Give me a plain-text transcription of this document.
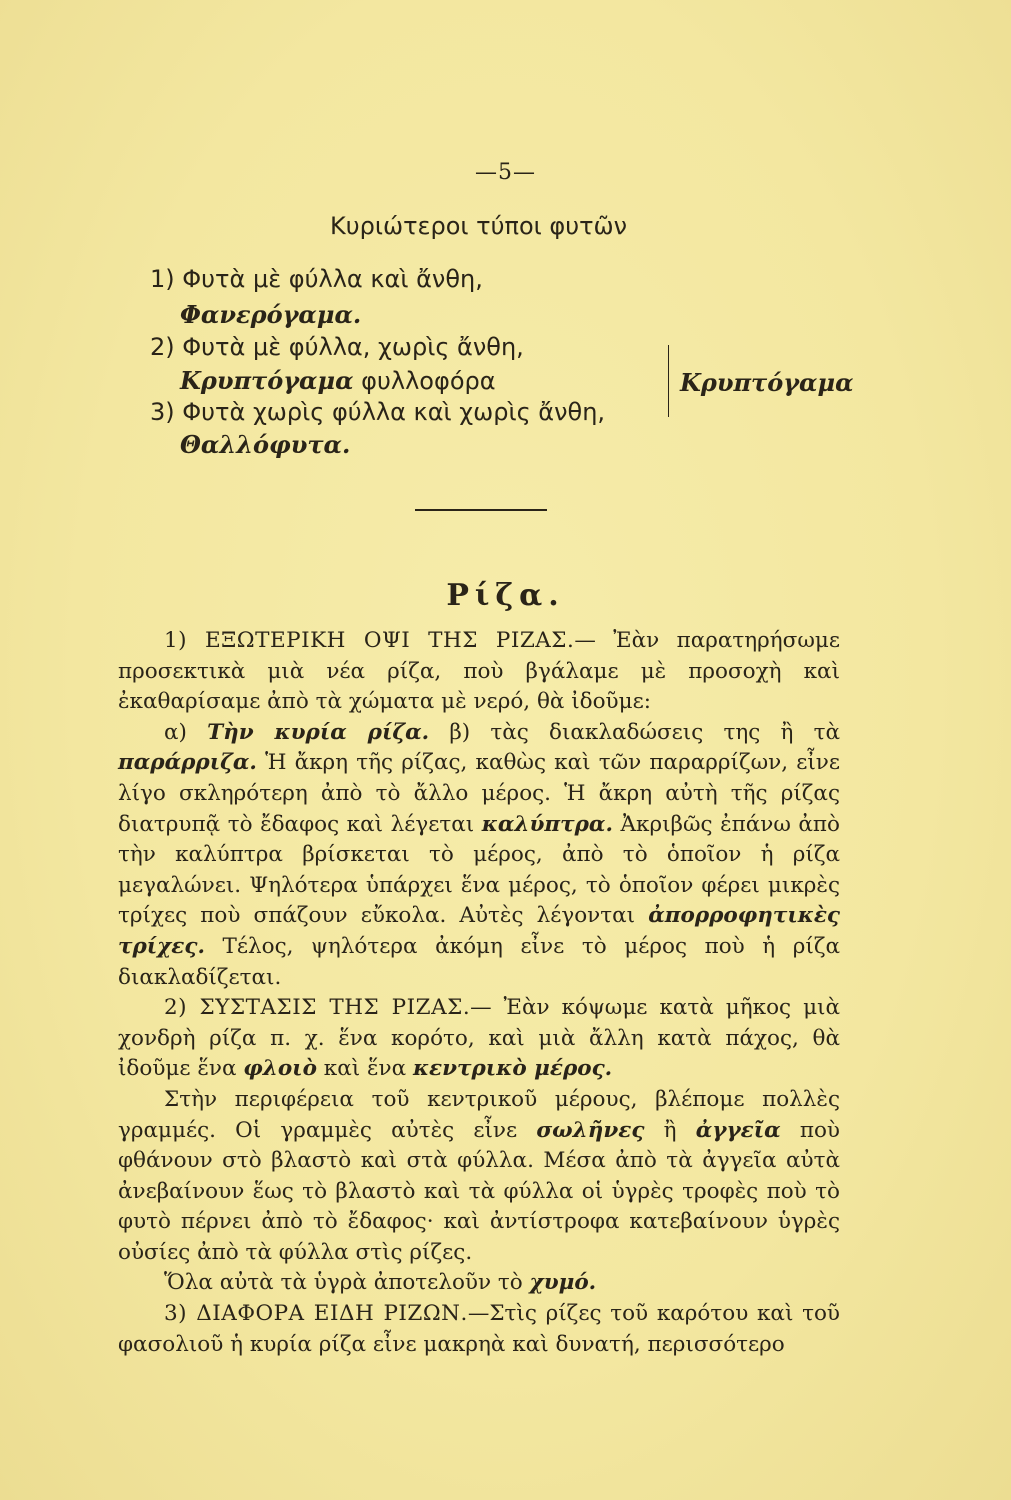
—5—
Κυριώτεροι τύποι φυτῶν
1) Φυτὰ μὲ φύλλα καὶ ἄνθη,
Φανερόγαμα.
2) Φυτὰ μὲ φύλλα, χωρὶς ἄνθη,
Κρυπτόγαμα φυλλοφόρα
3) Φυτὰ χωρὶς φύλλα καὶ χωρὶς ἄνθη,
Θαλλόφυτα.
Κρυπτόγαμα
Ρίζα.

1) ΕΞΩΤΕΡΙΚΗ ΟΨΙ ΤΗΣ ΡΙΖΑΣ.— Ἐὰν παρατηρήσωμε προσεκτικὰ μιὰ νέα ρίζα, ποὺ βγάλαμε μὲ προσοχὴ καὶ ἐκαθαρίσαμε ἀπὸ τὰ χώματα μὲ νερό, θὰ ἰδοῦμε:

α) Τὴν κυρία ρίζα. β) τὰς διακλαδώσεις της ἢ τὰ παράρριζα. Ἡ ἄκρη τῆς ρίζας, καθὼς καὶ τῶν παραρρίζων, εἶνε λίγο σκληρότερη ἀπὸ τὸ ἄλλο μέρος. Ἡ ἄκρη αὐτὴ τῆς ρίζας διατρυπᾷ τὸ ἔδαφος καὶ λέγεται καλύπτρα. Ἀκριβῶς ἐπάνω ἀπὸ τὴν καλύπτρα βρίσκεται τὸ μέρος, ἀπὸ τὸ ὁποῖον ἡ ρίζα μεγαλώνει. Ψηλότερα ὑπάρχει ἕνα μέρος, τὸ ὁποῖον φέρει μικρὲς τρίχες ποὺ σπάζουν εὔκολα. Αὐτὲς λέγονται ἀπορροφητικὲς τρίχες. Τέλος, ψηλότερα ἀκόμη εἶνε τὸ μέρος ποὺ ἡ ρίζα διακλαδίζεται.

2) ΣΥΣΤΑΣΙΣ ΤΗΣ ΡΙΖΑΣ.— Ἐὰν κόψωμε κατὰ μῆκος μιὰ χονδρὴ ρίζα π. χ. ἕνα κορότο, καὶ μιὰ ἄλλη κατὰ πάχος, θὰ ἰδοῦμε ἕνα φλοιὸ καὶ ἕνα κεντρικὸ μέρος.

Στὴν περιφέρεια τοῦ κεντρικοῦ μέρους, βλέπομε πολλὲς γραμμές. Οἱ γραμμὲς αὐτὲς εἶνε σωλῆνες ἢ ἀγγεῖα ποὺ φθάνουν στὸ βλαστὸ καὶ στὰ φύλλα. Μέσα ἀπὸ τὰ ἀγγεῖα αὐτὰ ἀνεβαίνουν ἕως τὸ βλαστὸ καὶ τὰ φύλλα οἱ ὑγρὲς τροφὲς ποὺ τὸ φυτὸ πέρνει ἀπὸ τὸ ἔδαφος· καὶ ἀντίστροφα κατεβαίνουν ὑγρὲς οὐσίες ἀπὸ τὰ φύλλα στὶς ρίζες.

Ὅλα αὐτὰ τὰ ὑγρὰ ἀποτελοῦν τὸ χυμό.

3) ΔΙΑΦΟΡΑ ΕΙΔΗ ΡΙΖΩΝ.—Στὶς ρίζες τοῦ καρότου καὶ τοῦ φασολιοῦ ἡ κυρία ρίζα εἶνε μακρηὰ καὶ δυνατή, περισσότερο
